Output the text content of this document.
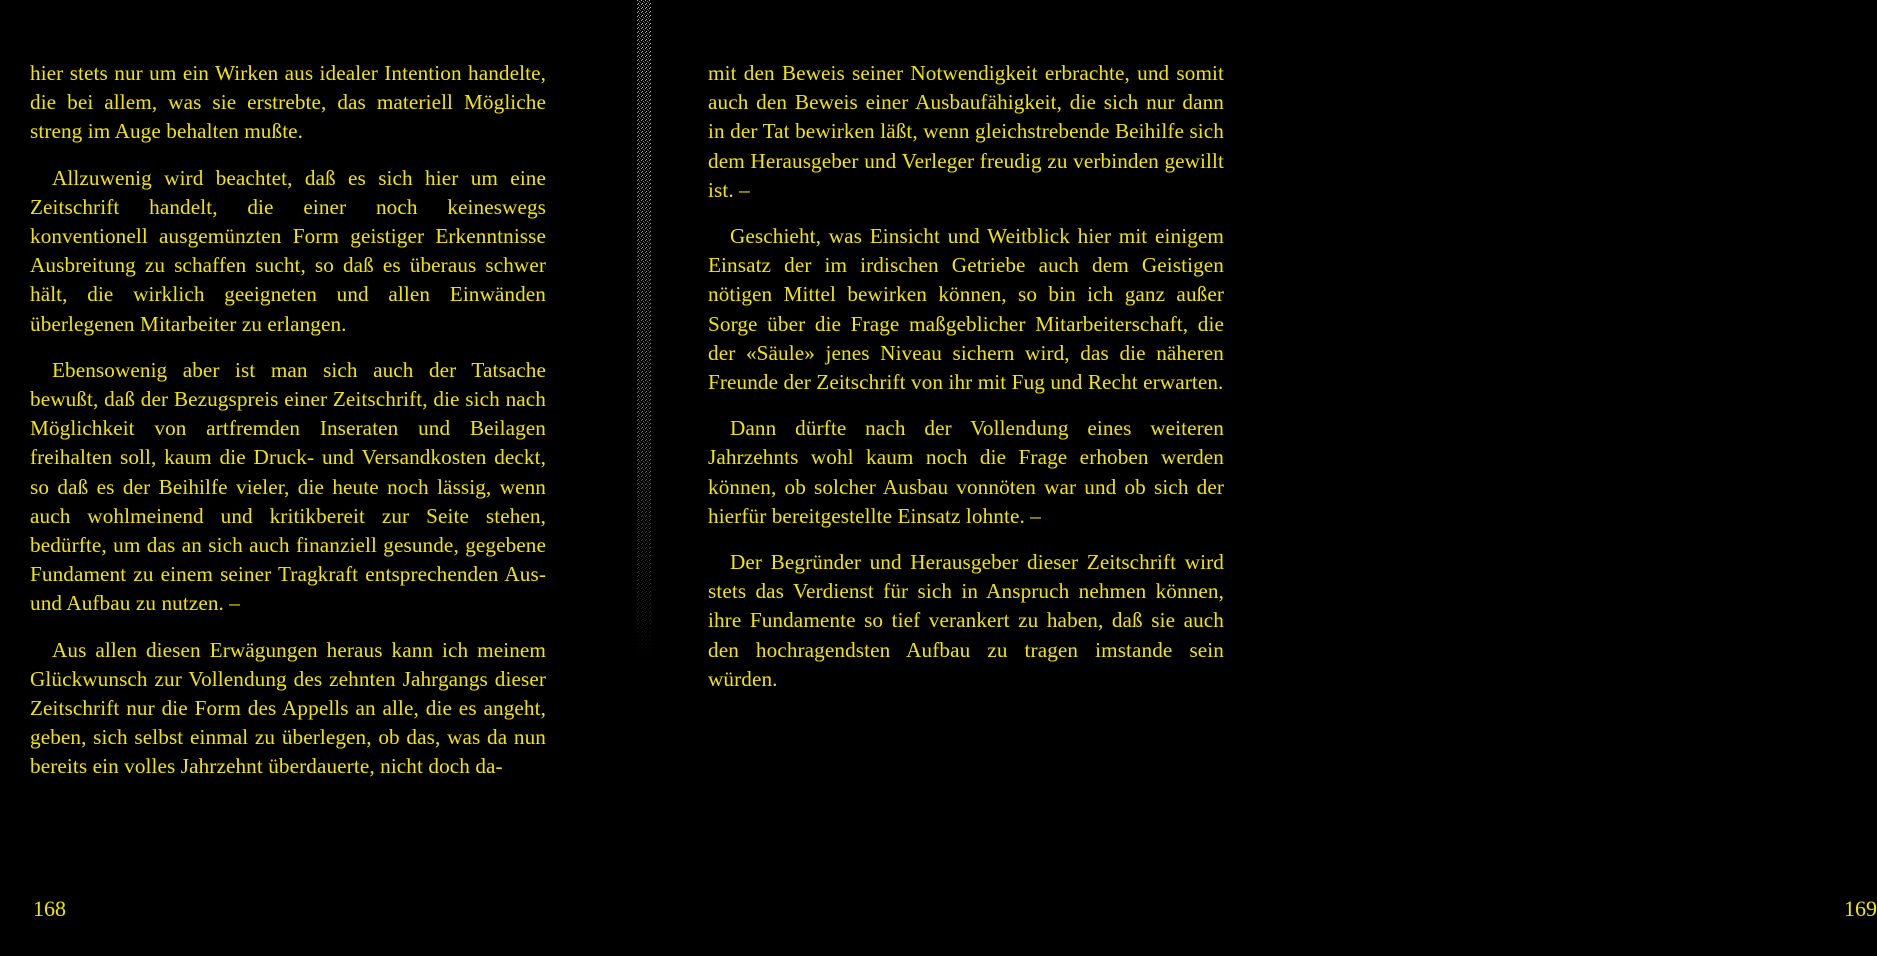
hier stets nur um ein Wirken aus idealer Intention handelte, die bei allem, was sie erstrebte, das materiell Mögliche streng im Auge behalten mußte.

Allzuwenig wird beachtet, daß es sich hier um eine Zeitschrift handelt, die einer noch keineswegs konventionell ausgemünzten Form geistiger Erkenntnisse Ausbreitung zu schaffen sucht, so daß es überaus schwer hält, die wirklich geeigneten und allen Einwänden überlegenen Mitarbeiter zu erlangen.

Ebensowenig aber ist man sich auch der Tatsache bewußt, daß der Bezugspreis einer Zeitschrift, die sich nach Möglichkeit von artfremden Inseraten und Beilagen freihalten soll, kaum die Druck- und Versandkosten deckt, so daß es der Beihilfe vieler, die heute noch lässig, wenn auch wohlmeinend und kritikbereit zur Seite stehen, bedürfte, um das an sich auch finanziell gesunde, gegebene Fundament zu einem seiner Tragkraft entsprechenden Aus- und Aufbau zu nutzen. –

Aus allen diesen Erwägungen heraus kann ich meinem Glückwunsch zur Vollendung des zehnten Jahrgangs dieser Zeitschrift nur die Form des Appells an alle, die es angeht, geben, sich selbst einmal zu überlegen, ob das, was da nun bereits ein volles Jahrzehnt überdauerte, nicht doch da-

168	169

mit den Beweis seiner Notwendigkeit erbrachte, und somit auch den Beweis einer Ausbaufähigkeit, die sich nur dann in der Tat bewirken läßt, wenn gleichstrebende Beihilfe sich dem Herausgeber und Verleger freudig zu verbinden gewillt ist. –

Geschieht, was Einsicht und Weitblick hier mit einigem Einsatz der im irdischen Getriebe auch dem Geistigen nötigen Mittel bewirken können, so bin ich ganz außer Sorge über die Frage maßgeblicher Mitarbeiterschaft, die der «Säule» jenes Niveau sichern wird, das die näheren Freunde der Zeitschrift von ihr mit Fug und Recht erwarten.

Dann dürfte nach der Vollendung eines weiteren Jahrzehnts wohl kaum noch die Frage erhoben werden können, ob solcher Ausbau vonnöten war und ob sich der hierfür bereitgestellte Einsatz lohnte. –

Der Begründer und Herausgeber dieser Zeitschrift wird stets das Verdienst für sich in Anspruch nehmen können, ihre Fundamente so tief verankert zu haben, daß sie auch den hochragendsten Aufbau zu tragen imstande sein würden.
